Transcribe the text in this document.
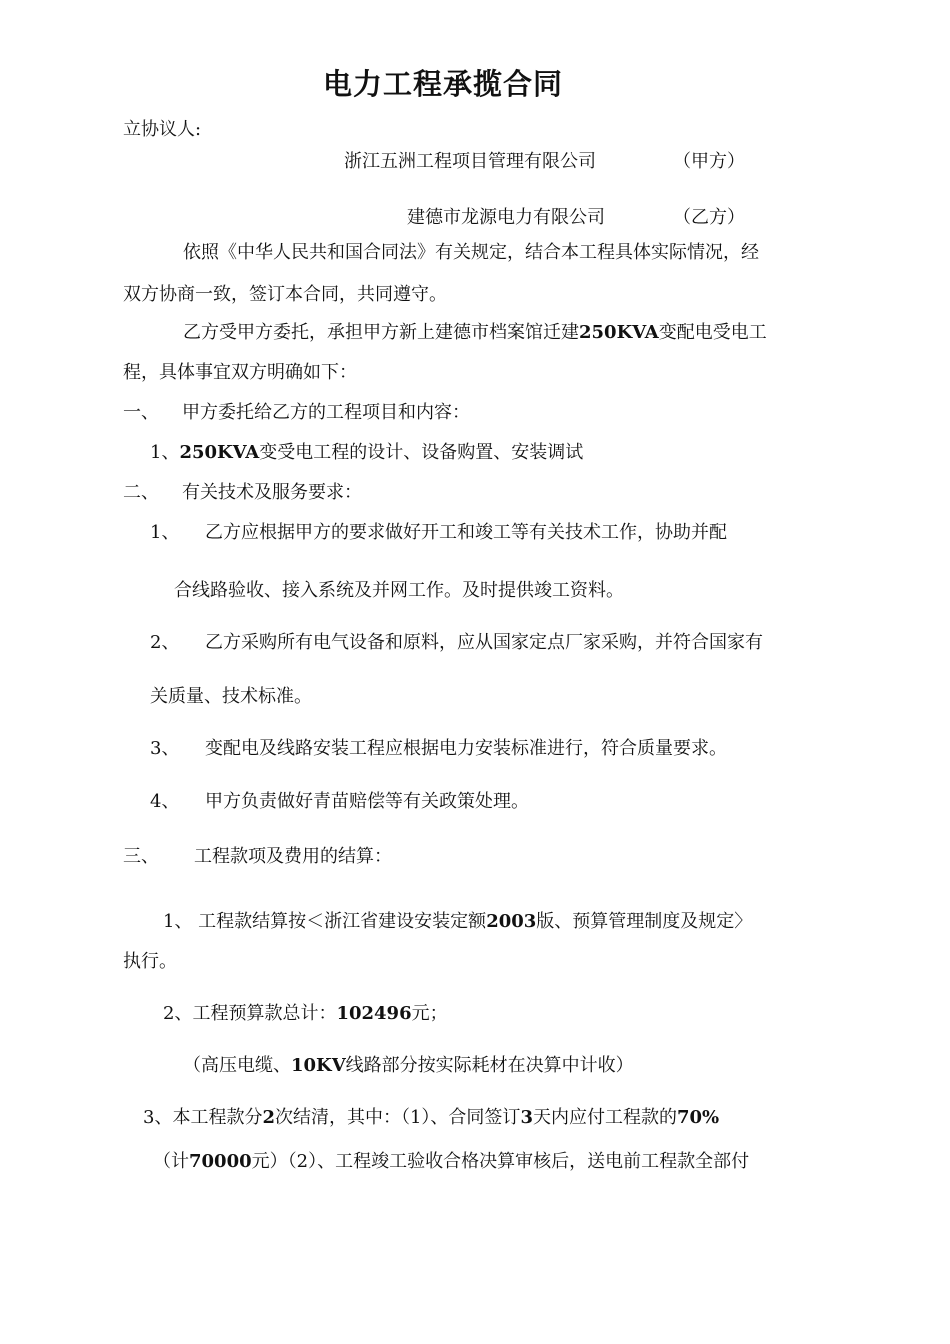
电力工程承揽合同
立协议人:
浙江五洲工程项目管理有限公司	（甲方）
建德市龙源电力有限公司	（乙方）
依照《中华人民共和国合同法》有关规定，结合本工程具体实际情况，经
双方协商一致，签订本合同，共同遵守。
乙方受甲方委托，承担甲方新上建德市档案馆迁建250KVA变配电受电工
程，具体事宜双方明确如下：
一、 甲方委托给乙方的工程项目和内容：
1、250KVA变受电工程的设计、设备购置、安装调试
二、 有关技术及服务要求：
1、 乙方应根据甲方的要求做好开工和竣工等有关技术工作，协助并配
合线路验收、接入系统及并网工作。及时提供竣工资料。
2、 乙方采购所有电气设备和原料，应从国家定点厂家采购，并符合国家有
关质量、技术标准。
3、 变配电及线路安装工程应根据电力安装标准进行，符合质量要求。
4、 甲方负责做好青苗赔偿等有关政策处理。
三、 工程款项及费用的结算：
1、 工程款结算按＜浙江省建设安装定额2003版、预算管理制度及规定〉
执行。
2、工程预算款总计：102496元；
（高压电缆、10KV线路部分按实际耗材在决算中计收）
3、本工程款分2次结清，其中：（1）、合同签订3天内应付工程款的70%
（计70000元）（2）、工程竣工验收合格决算审核后，送电前工程款全部付
